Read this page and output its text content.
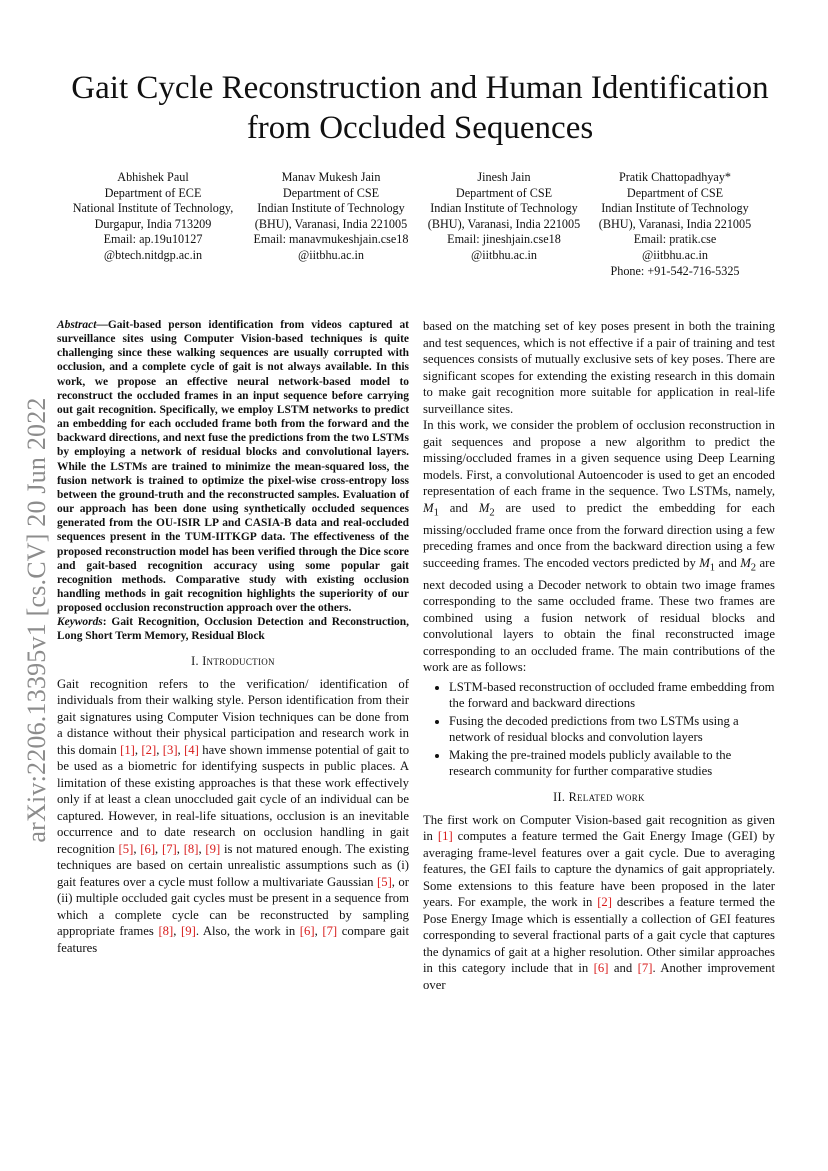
arXiv:2206.13395v1 [cs.CV] 20 Jun 2022
Gait Cycle Reconstruction and Human Identification
from Occluded Sequences
Abhishek Paul
Department of ECE
National Institute of Technology,
Durgapur, India 713209
Email: ap.19u10127
@btech.nitdgp.ac.in
Manav Mukesh Jain
Department of CSE
Indian Institute of Technology
(BHU), Varanasi, India 221005
Email: manavmukeshjain.cse18
@iitbhu.ac.in
Jinesh Jain
Department of CSE
Indian Institute of Technology
(BHU), Varanasi, India 221005
Email: jineshjain.cse18
@iitbhu.ac.in
Pratik Chattopadhyay*
Department of CSE
Indian Institute of Technology
(BHU), Varanasi, India 221005
Email: pratik.cse
@iitbhu.ac.in
Phone: +91-542-716-5325

Abstract—Gait-based person identification from videos captured at surveillance sites using Computer Vision-based techniques is quite challenging since these walking sequences are usually corrupted with occlusion, and a complete cycle of gait is not always available. In this work, we propose an effective neural network-based model to reconstruct the occluded frames in an input sequence before carrying out gait recognition. Specifically, we employ LSTM networks to predict an embedding for each occluded frame both from the forward and the backward directions, and next fuse the predictions from the two LSTMs by employing a network of residual blocks and convolutional layers. While the LSTMs are trained to minimize the mean-squared loss, the fusion network is trained to optimize the pixel-wise cross-entropy loss between the ground-truth and the reconstructed samples. Evaluation of our approach has been done using synthetically occluded sequences generated from the OU-ISIR LP and CASIA-B data and real-occluded sequences present in the TUM-IITKGP data. The effectiveness of the proposed reconstruction model has been verified through the Dice score and gait-based recognition accuracy using some popular gait recognition methods. Comparative study with existing occlusion handling methods in gait recognition highlights the superiority of our proposed occlusion reconstruction approach over the others.

Keywords: Gait Recognition, Occlusion Detection and Reconstruction, Long Short Term Memory, Residual Block

I. Introduction

Gait recognition refers to the verification/ identification of individuals from their walking style. Person identification from their gait signatures using Computer Vision techniques can be done from a distance without their physical participation and research work in this domain [1], [2], [3], [4] have shown immense potential of gait to be used as a biometric for identifying suspects in public places. A limitation of these existing approaches is that these work effectively only if at least a clean unoccluded gait cycle of an individual can be captured. However, in real-life situations, occlusion is an inevitable occurrence and to date research on occlusion handling in gait recognition [5], [6], [7], [8], [9] is not matured enough. The existing techniques are based on certain unrealistic assumptions such as (i) gait features over a cycle must follow a multivariate Gaussian [5], or (ii) multiple occluded gait cycles must be present in a sequence from which a complete cycle can be reconstructed by sampling appropriate frames [8], [9]. Also, the work in [6], [7] compare gait features

based on the matching set of key poses present in both the training and test sequences, which is not effective if a pair of training and test sequences consists of mutually exclusive sets of key poses. There are significant scopes for extending the existing research in this domain to make gait recognition more suitable for application in real-life surveillance sites.

In this work, we consider the problem of occlusion reconstruction in gait sequences and propose a new algorithm to predict the missing/occluded frames in a given sequence using Deep Learning models. First, a convolutional Autoencoder is used to get an encoded representation of each frame in the sequence. Two LSTMs, namely, $M_1$ and $M_2$ are used to predict the embedding for each missing/occluded frame once from the forward direction using a few preceding frames and once from the backward direction using a few succeeding frames. The encoded vectors predicted by $M_1$ and $M_2$ are next decoded using a Decoder network to obtain two image frames corresponding to the same occluded frame. These two frames are combined using a fusion network of residual blocks and convolutional layers to obtain the final reconstructed image corresponding to an occluded frame. The main contributions of the work are as follows:

• LSTM-based reconstruction of occluded frame embedding from the forward and backward directions
• Fusing the decoded predictions from two LSTMs using a network of residual blocks and convolution layers
• Making the pre-trained models publicly available to the research community for further comparative studies
II. Related work

The first work on Computer Vision-based gait recognition as given in [1] computes a feature termed the Gait Energy Image (GEI) by averaging frame-level features over a gait cycle. Due to averaging features, the GEI fails to capture the dynamics of gait appropriately. Some extensions to this feature have been proposed in the later years. For example, the work in [2] describes a feature termed the Pose Energy Image which is essentially a collection of GEI features corresponding to several fractional parts of a gait cycle that captures the dynamics of gait at a higher resolution. Other similar approaches in this category include that in [6] and [7]. Another improvement over
